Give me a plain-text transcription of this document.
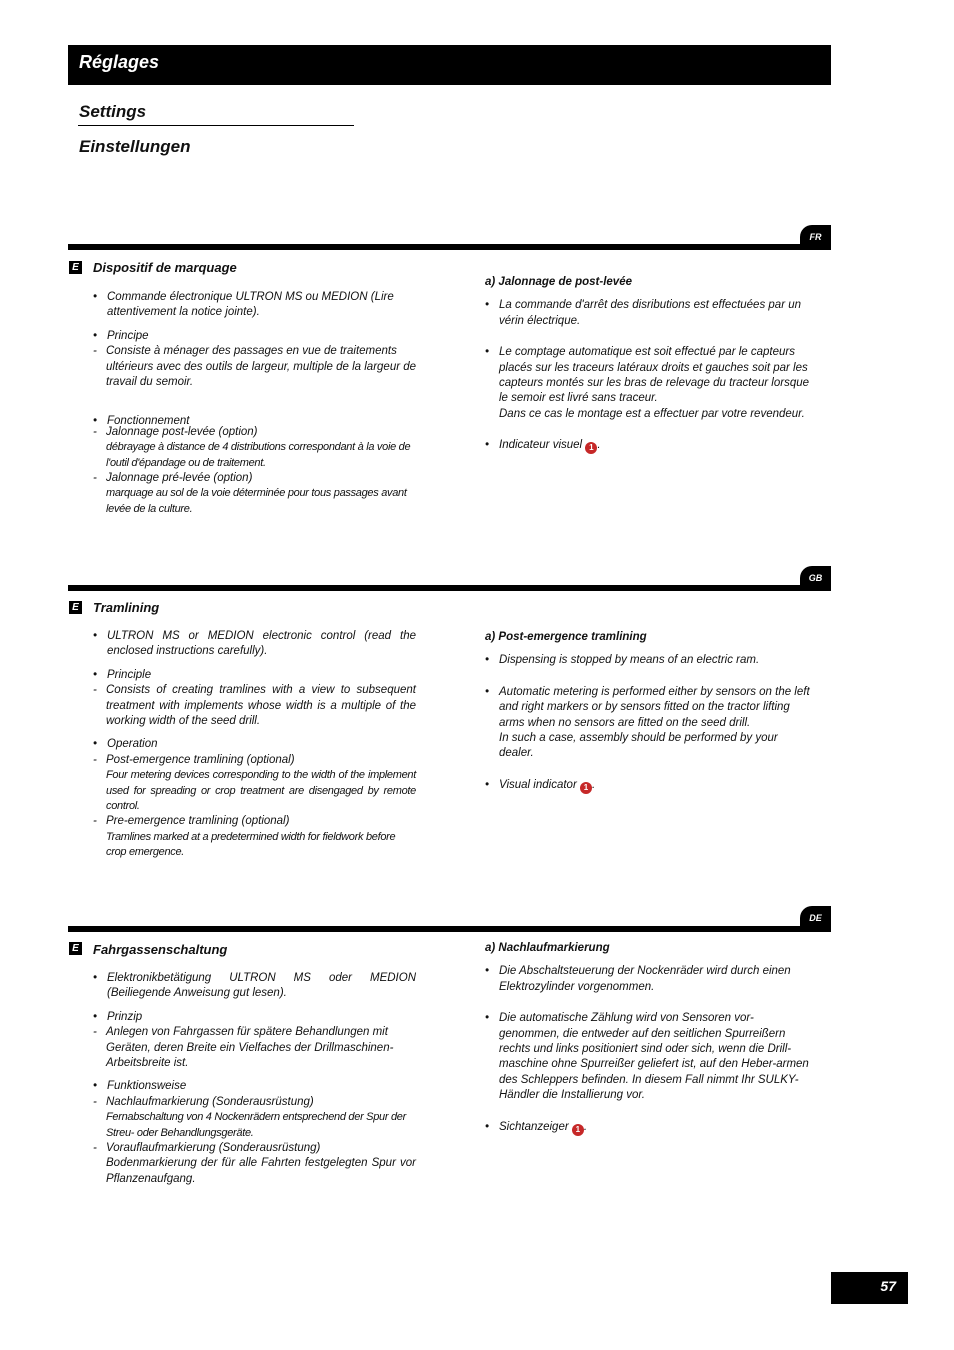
Réglages
Settings
Einstellungen
FR
E Dispositif de marquage
• Commande électronique ULTRON MS ou MEDION (Lire attentivement la notice jointe).
• Principe
- Consiste à ménager des passages en vue de traitements ultérieurs avec des outils de largeur, multiple de la largeur de travail du semoir.
• Fonctionnement
- Jalonnage post-levée (option)
débrayage à distance de 4 distributions correspondant à la voie de l'outil d'épandage ou de traitement.
- Jalonnage pré-levée (option)
marquage au sol de la voie déterminée pour tous passages avant levée de la culture.
a) Jalonnage de post-levée
• La commande d'arrêt des disributions est effectuées par un vérin électrique.
• Le comptage automatique est soit effectué par le capteurs placés sur les traceurs latéraux droits et gauches soit par les capteurs montés sur les bras de relevage du tracteur lorsque le semoir est livré sans traceur.
Dans ce cas le montage est a effectuer par votre revendeur.
• Indicateur visuel 1 .
GB
E Tramlining
• ULTRON MS or MEDION electronic control (read the enclosed instructions carefully).
• Principle
- Consists of creating tramlines with a view to subsequent treatment with implements whose width is a multiple of the working width of the seed drill.
• Operation
- Post-emergence tramlining (optional)
Four metering devices corresponding to the width of the implement used for spreading or crop treatment are disengaged by remote control.
- Pre-emergence tramlining (optional)
Tramlines marked at a predetermined width for fieldwork before crop emergence.
a) Post-emergence tramlining
• Dispensing is stopped by means of an electric ram.
• Automatic metering is performed either by sensors on the left and right markers or by sensors fitted on the tractor lifting arms when no sensors are fitted on the seed drill.
In such a case, assembly should be performed by your dealer.
• Visual indicator 1 .
DE
E Fahrgassenschaltung
• Elektronikbetätigung ULTRON MS oder MEDION (Beiliegende Anweisung gut lesen).
• Prinzip
- Anlegen von Fahrgassen für spätere Behandlungen mit Geräten, deren Breite ein Vielfaches der Drillmaschinen-Arbeitsbreite ist.
• Funktionsweise
- Nachlaufmarkierung (Sonderausrüstung)
Fernabschaltung von 4 Nockenrädern entsprechend der Spur der Streu- oder Behandlungsgeräte.
- Vorauflaufmarkierung (Sonderausrüstung)
Bodenmarkierung der für alle Fahrten festgelegten Spur vor Pflanzenaufgang.
a) Nachlaufmarkierung
• Die Abschaltsteuerung der Nockenräder wird durch einen Elektrozylinder vorgenommen.
• Die automatische Zählung wird von Sensoren vor-genommen, die entweder auf den seitlichen Spurreißern rechts und links positioniert sind oder sich, wenn die Drill-maschine ohne Spurreißer geliefert ist, auf den Heber-armen des Schleppers befinden. In diesem Fall nimmt Ihr SULKY-Händler die Installierung vor.
• Sichtanzeiger 1 .
57
